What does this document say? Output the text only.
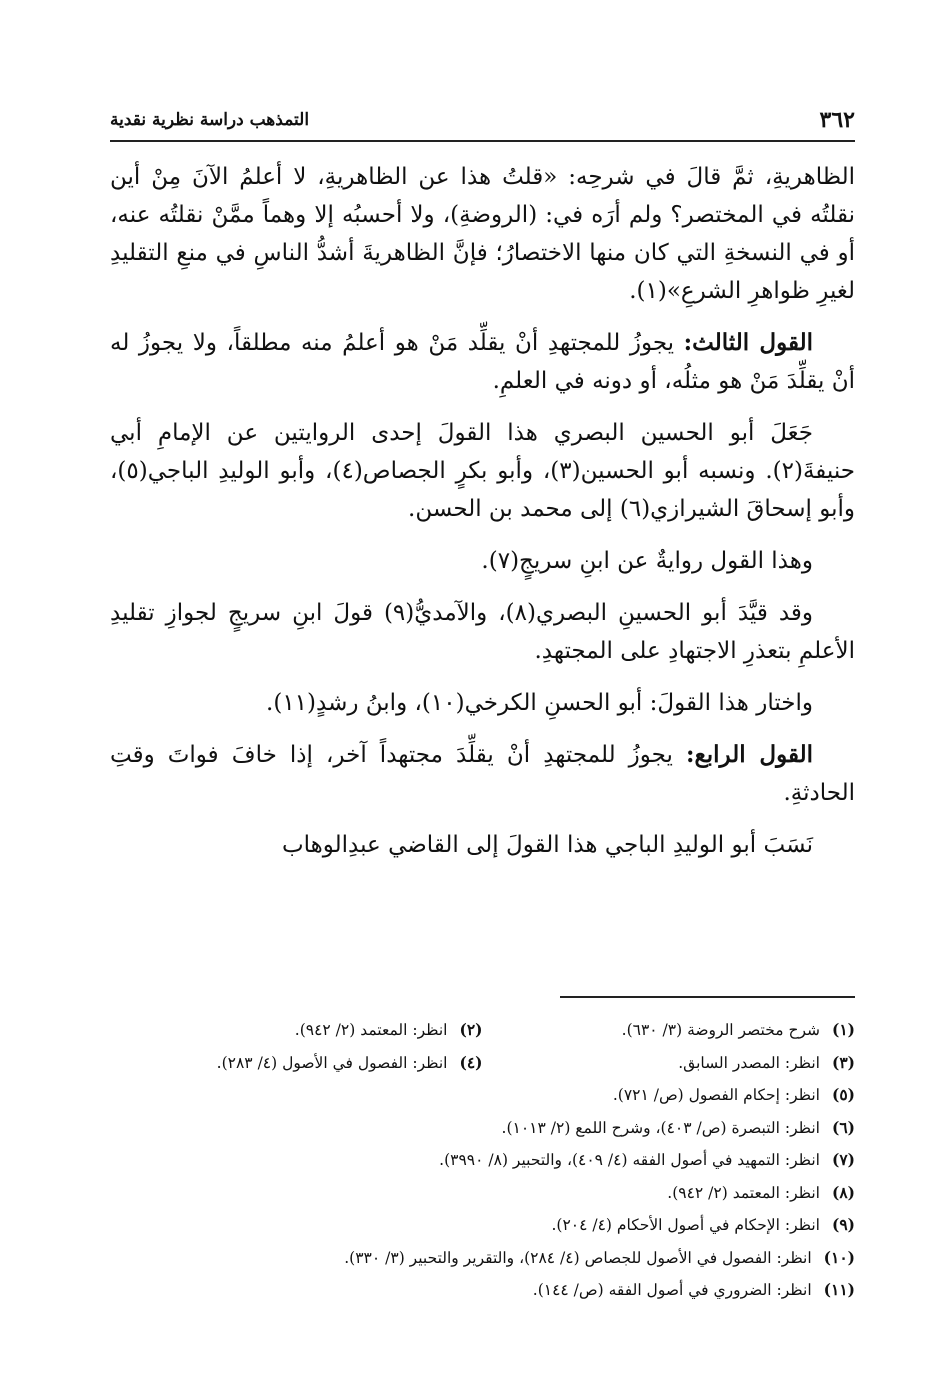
٣٦٢
التمذهب دراسة نظرية نقدية

الظاهريةِ، ثمَّ قالَ في شرحِه: «قلتُ هذا عن الظاهريةِ، لا أعلمُ الآنَ مِنْ أين نقلتُه في المختصر؟ ولم أرَه في: (الروضةِ)، ولا أحسبُه إلا وهماً ممَّنْ نقلتُه عنه، أو في النسخةِ التي كان منها الاختصارُ؛ فإنَّ الظاهريةَ أشدُّ الناسِ في منعِ التقليدِ لغيرِ ظواهرِ الشرعِ»(١).

القول الثالث: يجوزُ للمجتهدِ أنْ يقلِّد مَنْ هو أعلمُ منه مطلقاً، ولا يجوزُ له أنْ يقلِّدَ مَنْ هو مثلُه، أو دونه في العلمِ.

جَعَلَ أبو الحسين البصري هذا القولَ إحدى الروايتين عن الإمامِ أبي حنيفةَ(٢). ونسبه أبو الحسين(٣)، وأبو بكرٍ الجصاص(٤)، وأبو الوليدِ الباجي(٥)، وأبو إسحاقَ الشيرازي(٦) إلى محمد بن الحسن.

وهذا القول روايةٌ عن ابنِ سريجٍ(٧).

وقد قيَّدَ أبو الحسينِ البصري(٨)، والآمديُّ(٩) قولَ ابنِ سريجٍ لجوازِ تقليدِ الأعلمِ بتعذرِ الاجتهادِ على المجتهدِ.

واختار هذا القولَ: أبو الحسنِ الكرخي(١٠)، وابنُ رشدٍ(١١).

القول الرابع: يجوزُ للمجتهدِ أنْ يقلِّدَ مجتهداً آخر، إذا خافَ فواتَ وقتِ الحادثةِ.

نَسَبَ أبو الوليدِ الباجي هذا القولَ إلى القاضي عبدِالوهاب

(١)شرح مختصر الروضة (٣/ ٦٣٠).
(٢)انظر: المعتمد (٢/ ٩٤٢).
(٣)انظر: المصدر السابق.
(٤)انظر: الفصول في الأصول (٤/ ٢٨٣).
(٥)انظر: إحكام الفصول (ص/ ٧٢١).
(٦)انظر: التبصرة (ص/ ٤٠٣)، وشرح اللمع (٢/ ١٠١٣).
(٧)انظر: التمهيد في أصول الفقه (٤/ ٤٠٩)، والتحبير (٨/ ٣٩٩٠).
(٨)انظر: المعتمد (٢/ ٩٤٢).
(٩)انظر: الإحكام في أصول الأحكام (٤/ ٢٠٤).
(١٠)انظر: الفصول في الأصول للجصاص (٤/ ٢٨٤)، والتقرير والتحبير (٣/ ٣٣٠).
(١١)انظر: الضروري في أصول الفقه (ص/ ١٤٤).
